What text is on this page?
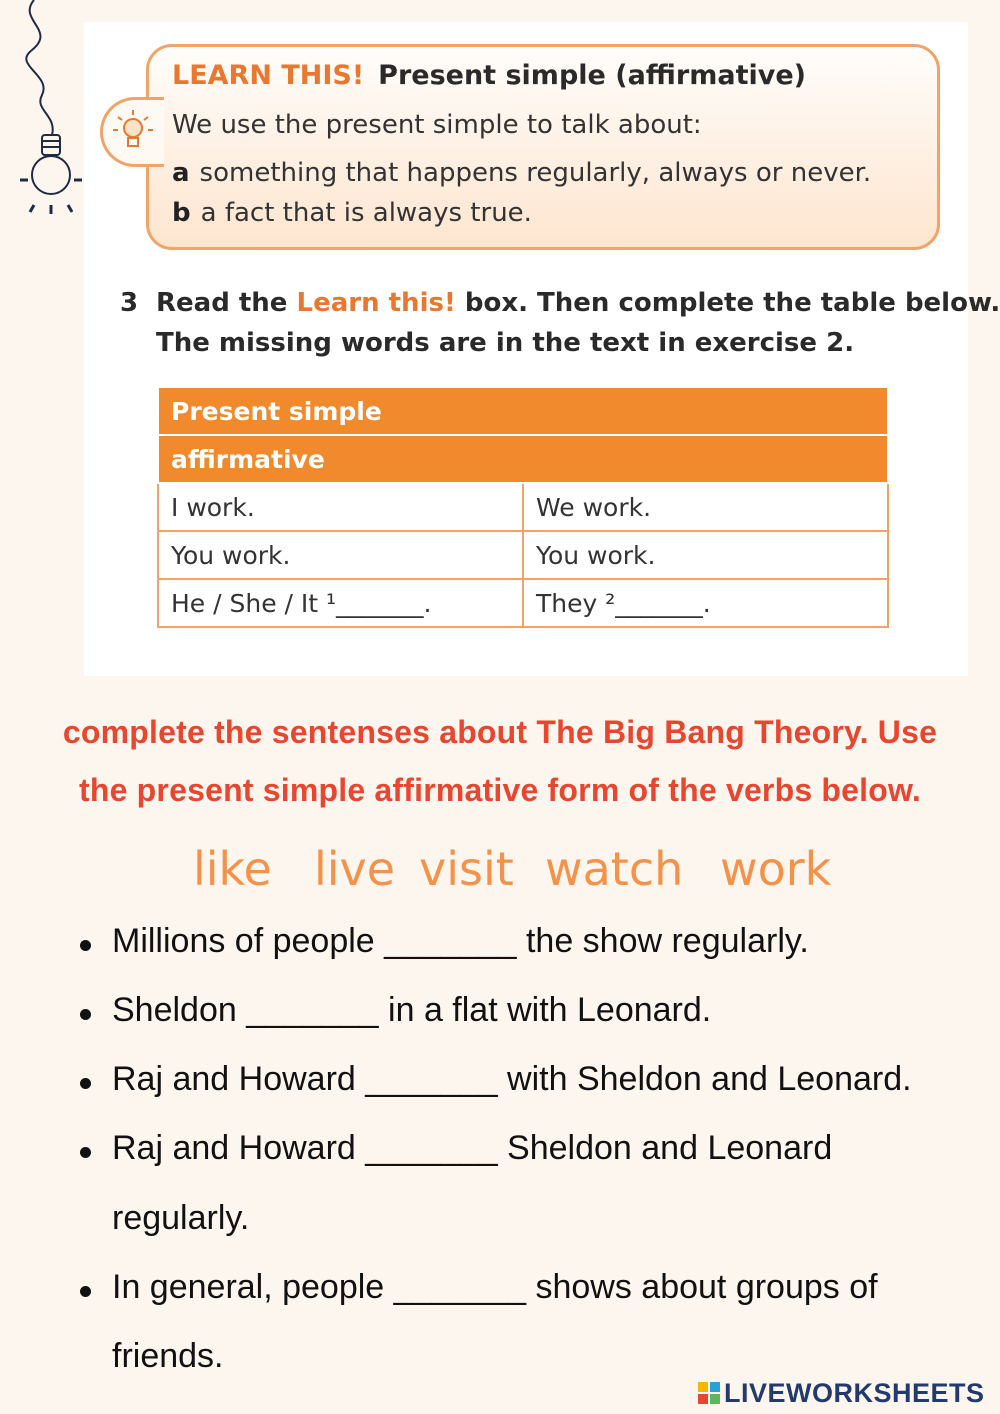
LEARN THIS! Present simple (affirmative)
We use the present simple to talk about:
a something that happens regularly, always or never.
b a fact that is always true.
3 Read the Learn this! box. Then complete the table below.
The missing words are in the text in exercise 2.
Present simple	
affirmative	
I work.	We work.
You work.	You work.
He / She / It ¹_______.	They ²_______.
complete the sentenses about The Big Bang Theory. Use
the present simple affirmative form of the verbs below.
like live visit watch work
Millions of people _______ the show regularly.
Sheldon _______ in a flat with Leonard.
Raj and Howard _______ with Sheldon and Leonard.
Raj and Howard _______ Sheldon and Leonard
regularly.
In general, people _______ shows about groups of
friends.
LIVEWORKSHEETS
